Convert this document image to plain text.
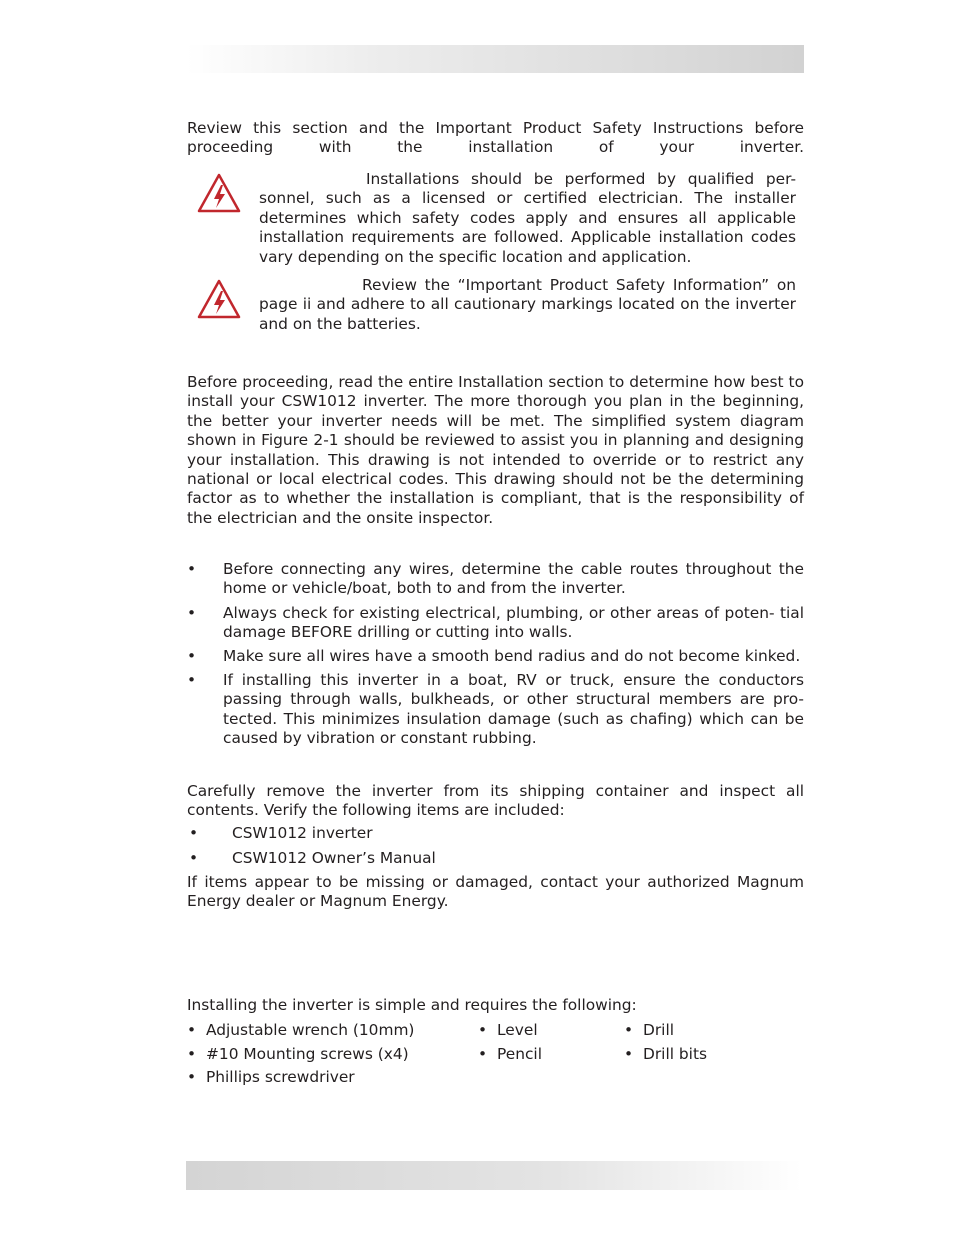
Review this section and the Important Product Safety Instructions before proceeding with the installation of your inverter.
Installations should be performed by qualified per- sonnel, such as a licensed or certified electrician. The installer determines which safety codes apply and ensures all applicable installation requirements are followed. Applicable installation codes vary depending on the specific location and application.
Review the “Important Product Safety Information” on page ii and adhere to all cautionary markings located on the inverter and on the batteries.
Before proceeding, read the entire Installation section to determine how best to install your CSW1012 inverter. The more thorough you plan in the beginning, the better your inverter needs will be met. The simplified system diagram shown in Figure 2-1 should be reviewed to assist you in planning and designing your installation. This drawing is not intended to override or to restrict any national or local electrical codes. This drawing should not be the determining factor as to whether the installation is compliant, that is the responsibility of the electrician and the onsite inspector.
• Before connecting any wires, determine the cable routes throughout the home or vehicle/boat, both to and from the inverter.
• Always check for existing electrical, plumbing, or other areas of poten- tial damage BEFORE drilling or cutting into walls.
• Make sure all wires have a smooth bend radius and do not become kinked.
• If installing this inverter in a boat, RV or truck, ensure the conductors passing through walls, bulkheads, or other structural members are pro- tected. This minimizes insulation damage (such as chafing) which can be caused by vibration or constant rubbing.
Carefully remove the inverter from its shipping container and inspect all contents. Verify the following items are included:
• CSW1012 inverter
• CSW1012 Owner’s Manual
If items appear to be missing or damaged, contact your authorized Magnum Energy dealer or Magnum Energy.
Installing the inverter is simple and requires the following:
• Adjustable wrench (10mm)
• #10 Mounting screws (x4)
• Phillips screwdriver
• Level
• Pencil
• Drill
• Drill bits
